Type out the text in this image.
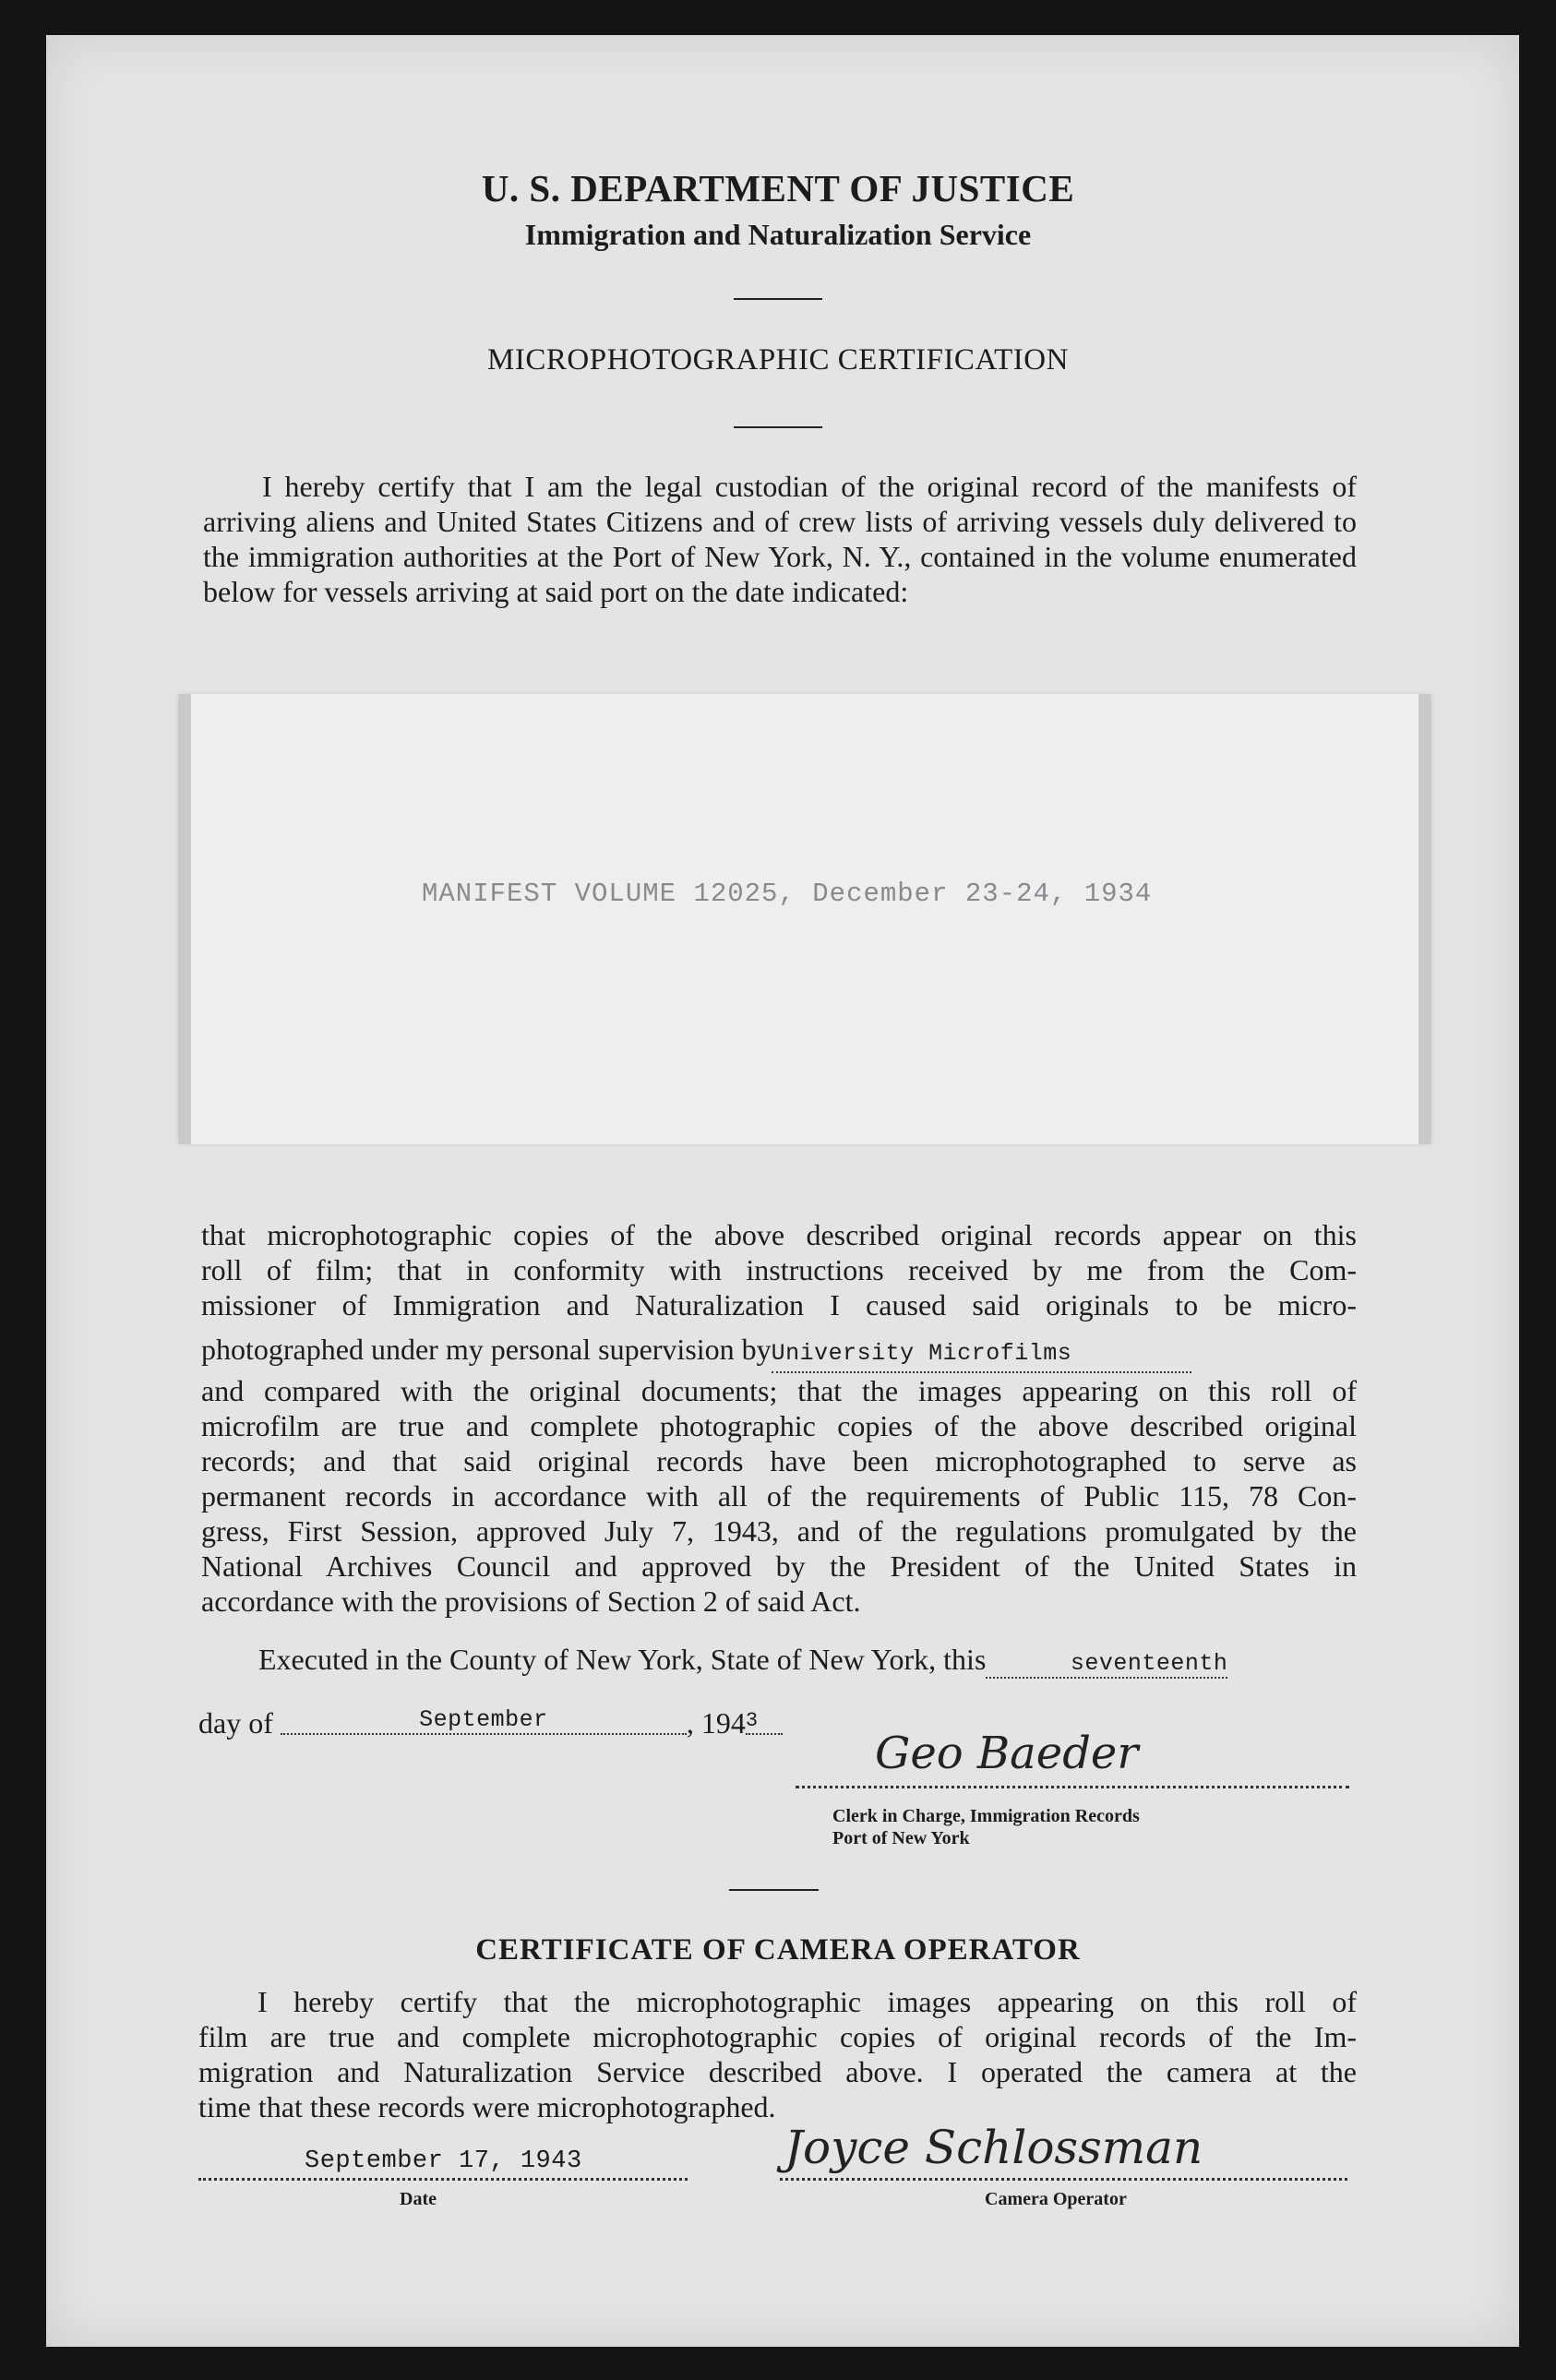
U. S. DEPARTMENT OF JUSTICE
Immigration and Naturalization Service
MICROPHOTOGRAPHIC CERTIFICATION
I hereby certify that I am the legal custodian of the original record of the manifests of arriving aliens and United States Citizens and of crew lists of arriving vessels duly delivered to the immigration authorities at the Port of New York, N. Y., contained in the volume enumerated below for vessels arriving at said port on the date indicated:
MANIFEST VOLUME 12025, December 23-24, 1934
that microphotographic copies of the above described original records appear on this
roll of film; that in conformity with instructions received by me from the Com-
missioner of Immigration and Naturalization I caused said originals to be micro-
photographed under my personal supervision byUniversity Microfilms
and compared with the original documents; that the images appearing on this roll of
microfilm are true and complete photographic copies of the above described original
records; and that said original records have been microphotographed to serve as
permanent records in accordance with all of the requirements of Public 115, 78 Con-
gress, First Session, approved July 7, 1943, and of the regulations promulgated by the
National Archives Council and approved by the President of the United States in
accordance with the provisions of Section 2 of said Act.
Executed in the County of New York, State of New York, this	seventeenth
day of	September	, 1943
Geo Baeder
Clerk in Charge, Immigration Records
Port of New York
CERTIFICATE OF CAMERA OPERATOR
I hereby certify that the microphotographic images appearing on this roll of
film are true and complete microphotographic copies of original records of the Im-
migration and Naturalization Service described above. I operated the camera at the
time that these records were microphotographed.
September 17, 1943
Date
Joyce Schlossman
Camera Operator
